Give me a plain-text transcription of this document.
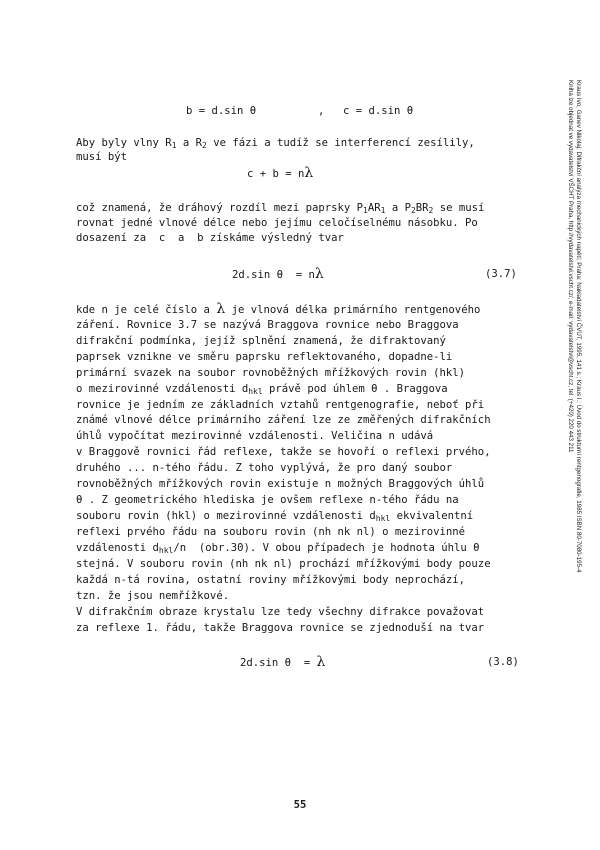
b = d.sin θ	, c = d.sin θ
Aby byly vlny $R_1$ a $R_2$ ve fázi a tudíž se interferencí zesílily,
musí být
c + b = nλ
což znamená, že dráhový rozdíl mezi paprsky $P_1AR_1$ a $P_2BR_2$ se musí
rovnat jedné vlnové délce nebo jejímu celočíselnému násobku. Po
dosazení za  c  a  b získáme výsledný tvar
2d.sin θ  = nλ	(3.7)
kde n je celé číslo a λ je vlnová délka primárního rentgenového
záření. Rovnice 3.7 se nazývá Braggova rovnice nebo Braggova
difrakční podmínka, jejíž splnění znamená, že difraktovaný
paprsek vznikne ve směru paprsku reflektovaného, dopadne-li
primární svazek na soubor rovnoběžných mřížkových rovin (hkl)
o mezirovinné vzdálenosti $d_{hkl}$ právě pod úhlem θ . Braggova
rovnice je jedním ze základních vztahů rentgenografie, neboť při
známé vlnové délce primárního záření lze ze změřených difrakčních
úhlů vypočítat mezirovinné vzdálenosti. Veličina n udává
v Braggově rovnici řád reflexe, takže se hovoří o reflexi prvého,
druhého ... n-tého řádu. Z toho vyplývá, že pro daný soubor
rovnoběžných mřížkových rovin existuje n možných Braggových úhlů
θ . Z geometrického hlediska je ovšem reflexe n-tého řádu na
souboru rovin (hkl) o mezirovinné vzdálenosti $d_{hkl}$ ekvivalentní
reflexi prvého řádu na souboru rovin (nh nk nl) o mezirovinné
vzdálenosti $d_{hkl}/n$  (obr.30). V obou případech je hodnota úhlu θ
stejná. V souboru rovin (nh nk nl) prochází mřížkovými body pouze
každá n-tá rovina, ostatní roviny mřížkovými body neprochází,
tzn. že jsou nemřížkové.
V difrakčním obraze krystalu lze tedy všechny difrakce považovat
za reflexe 1. řádu, takže Braggova rovnice se zjednoduší na tvar
2d.sin θ  = λ	(3.8)
55
Kraus Ivo, Ganev Nikolaj: Difrakční analýza mechanických napětí; Praha: Nakladatelství ČVUT, 1995, 141 s.; Kraus I.: Úvod do strukturní rentgenografie, 1985 ISBN 80-7080-195-4
Kniha lze objednat ve vydavatelství VŠCHT Praha, http://vydavatelstvi.vscht.cz/, e-mail: vydavatelstvi@vscht.cz, tel. (+420) 220 443 211
